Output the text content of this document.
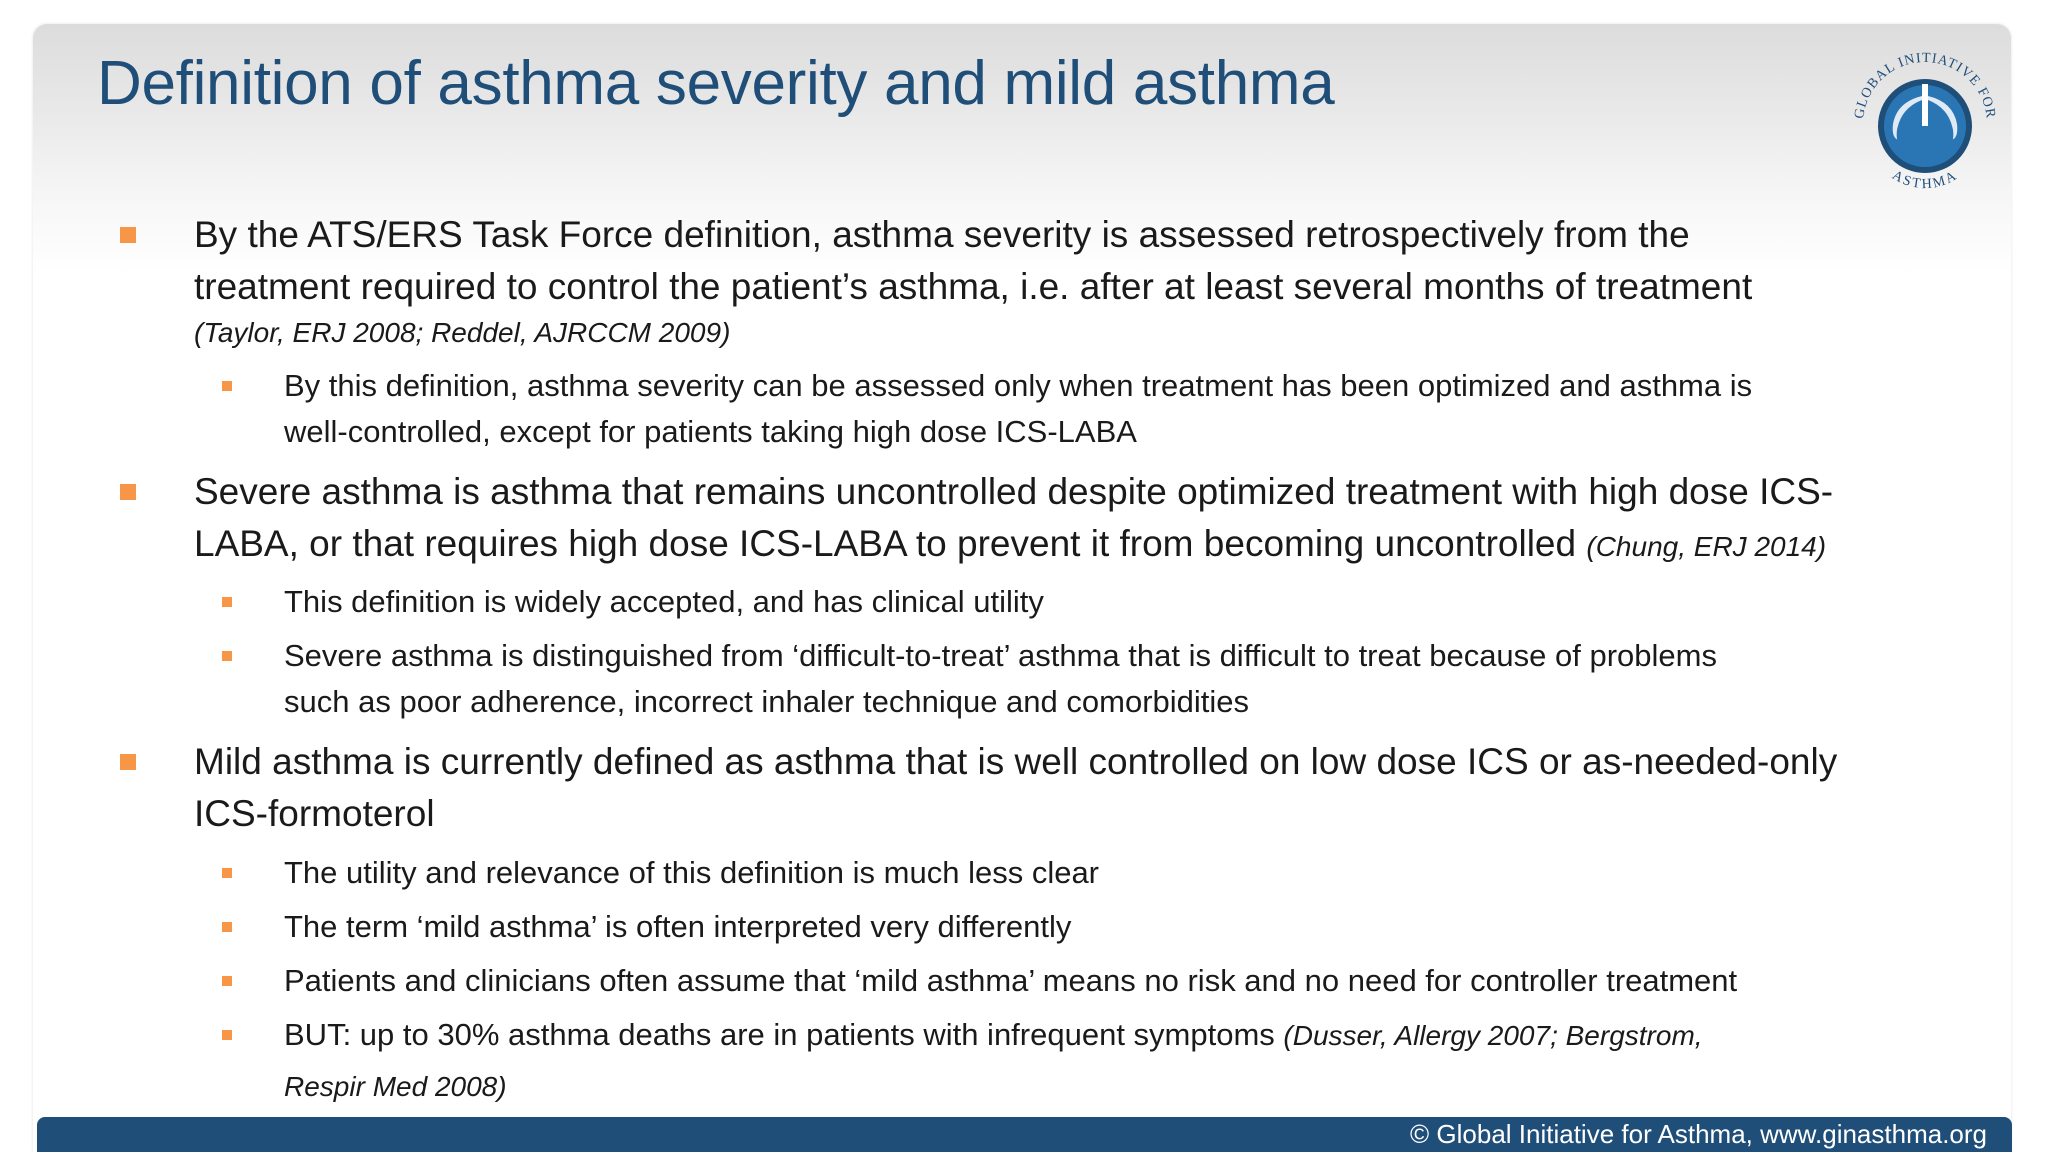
Definition of asthma severity and mild asthma	GLOBAL INITIATIVE FOR
ASTHMA
By the ATS/ERS Task Force definition, asthma severity is assessed retrospectively from the
treatment required to control the patient’s asthma, i.e. after at least several months of treatment
(Taylor, ERJ 2008; Reddel, AJRCCM 2009)
By this definition, asthma severity can be assessed only when treatment has been optimized and asthma is
well-controlled, except for patients taking high dose ICS-LABA
Severe asthma is asthma that remains uncontrolled despite optimized treatment with high dose ICS-
LABA, or that requires high dose ICS-LABA to prevent it from becoming uncontrolled (Chung, ERJ 2014)
This definition is widely accepted, and has clinical utility
Severe asthma is distinguished from ‘difficult-to-treat’ asthma that is difficult to treat because of problems
such as poor adherence, incorrect inhaler technique and comorbidities
Mild asthma is currently defined as asthma that is well controlled on low dose ICS or as-needed-only
ICS-formoterol
The utility and relevance of this definition is much less clear
The term ‘mild asthma’ is often interpreted very differently
Patients and clinicians often assume that ‘mild asthma’ means no risk and no need for controller treatment
BUT: up to 30% asthma deaths are in patients with infrequent symptoms (Dusser, Allergy 2007; Bergstrom,
Respir Med 2008)
© Global Initiative for Asthma, www.ginasthma.org
